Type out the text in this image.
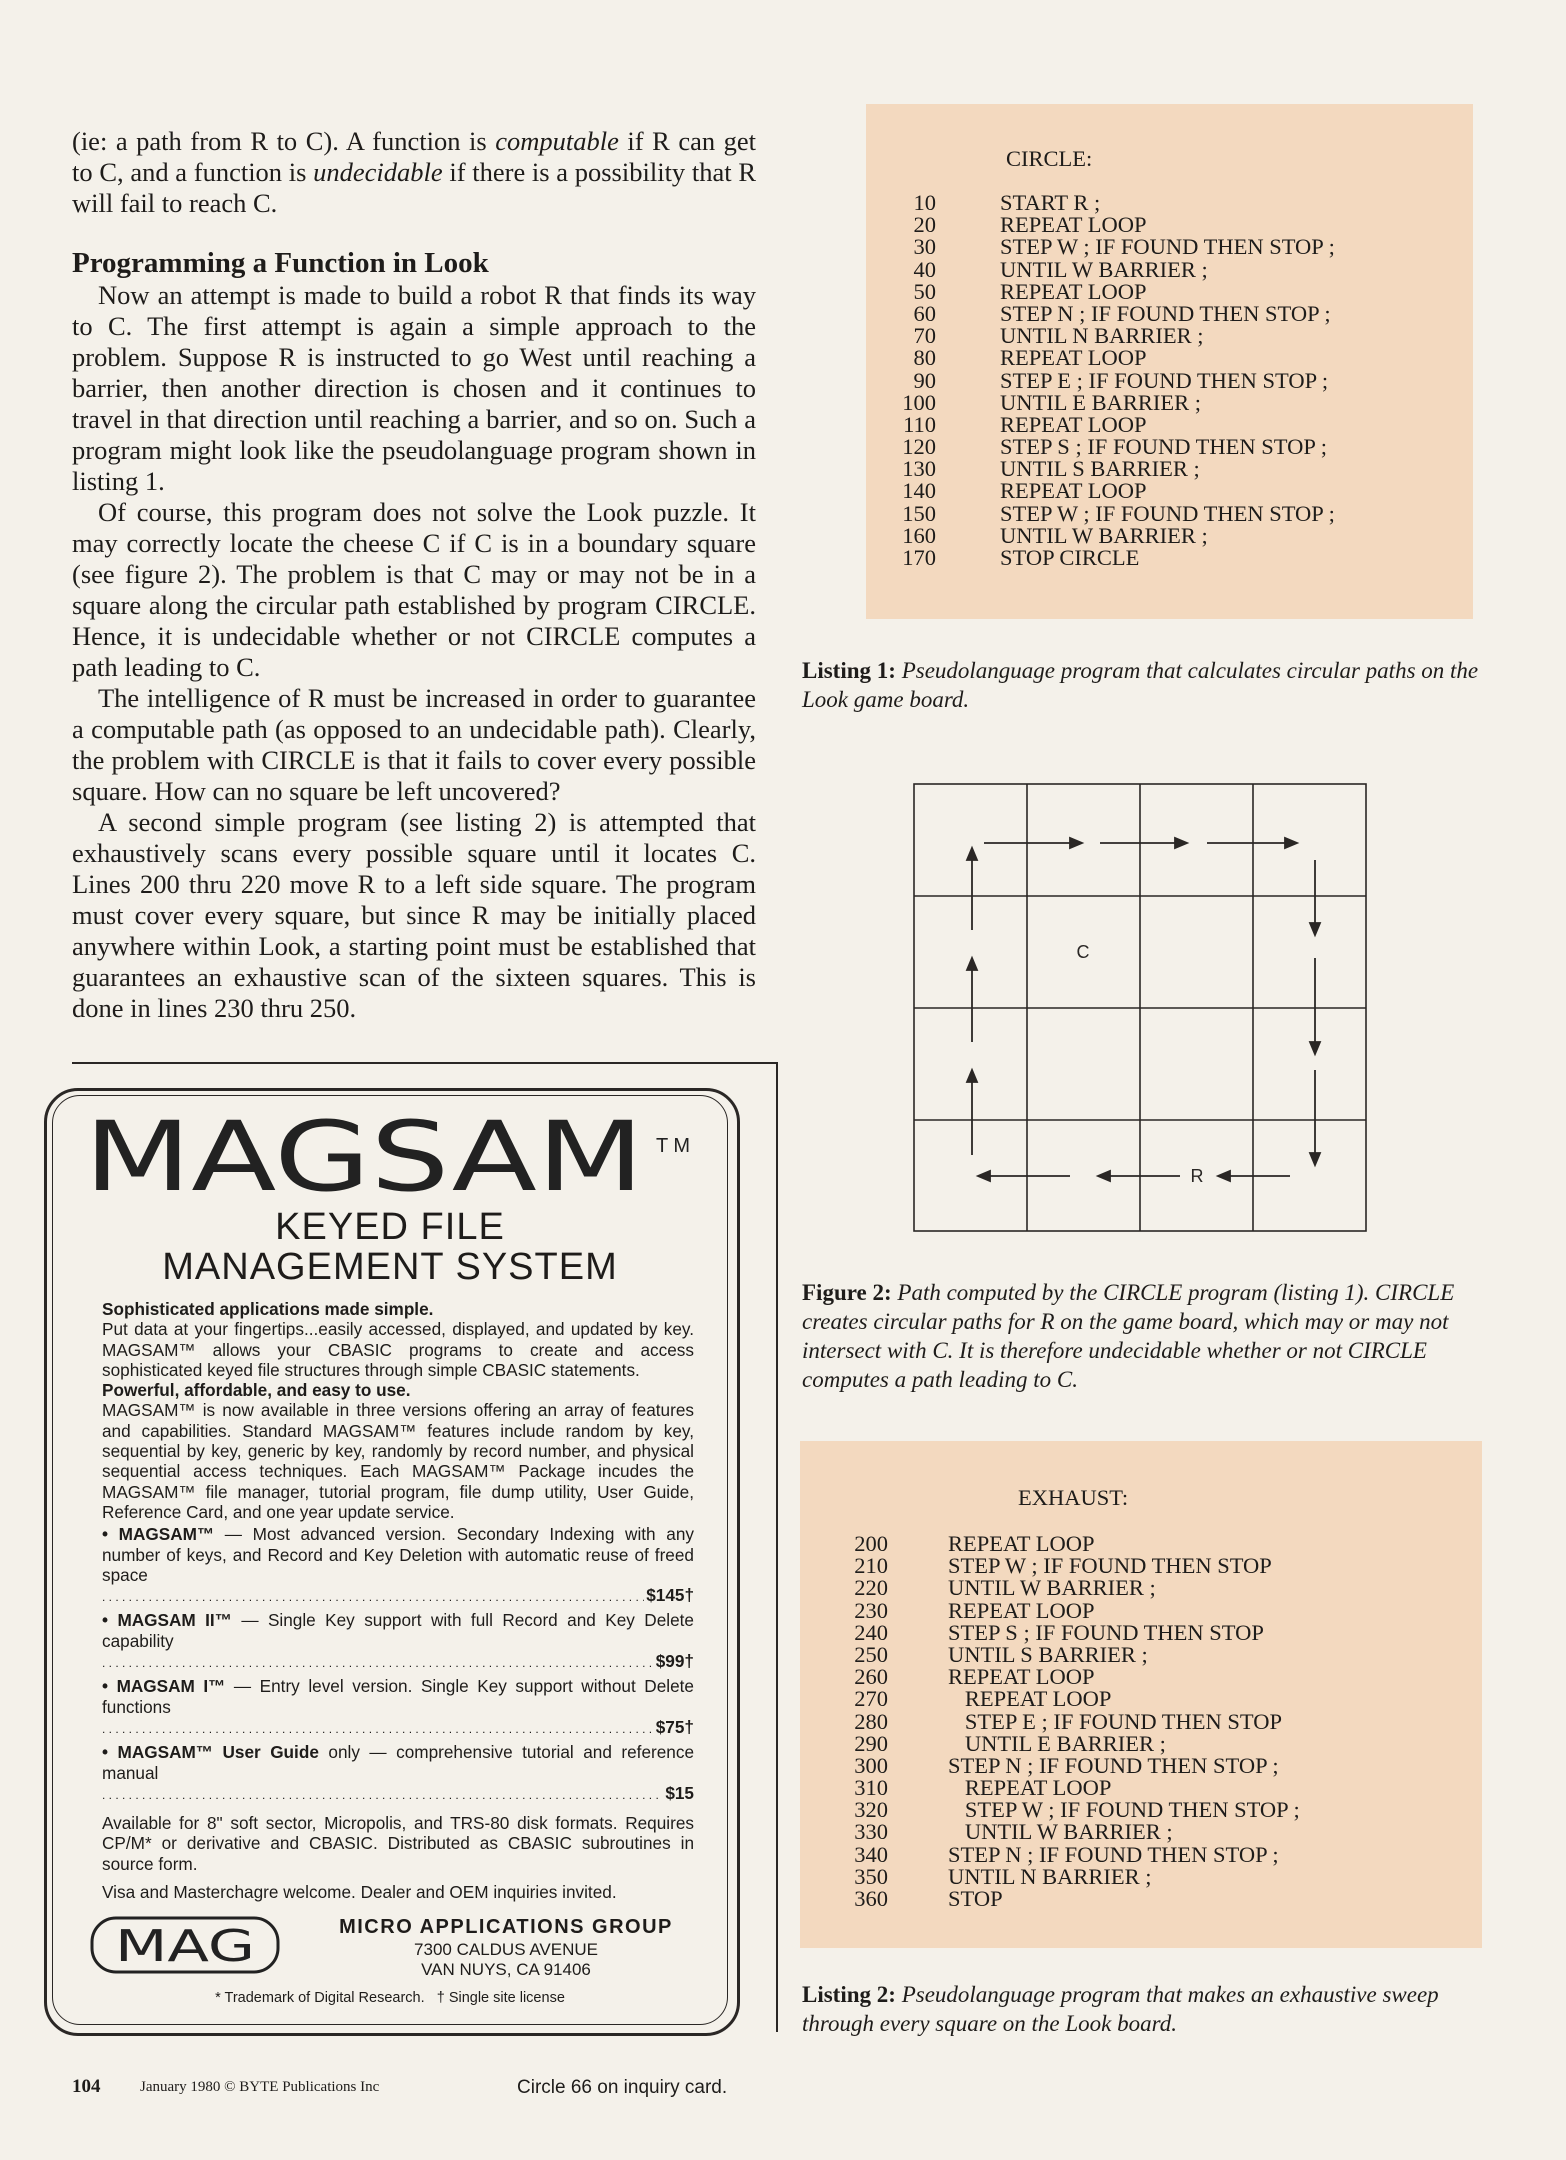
(ie: a path from R to C). A function is computable if R can get to C, and a function is undecidable if there is a possibility that R will fail to reach C.

Programming a Function in Look

Now an attempt is made to build a robot R that finds its way to C. The first attempt is again a simple approach to the problem. Suppose R is instructed to go West until reaching a barrier, then another direction is chosen and it continues to travel in that direction until reaching a barrier, and so on. Such a program might look like the pseudolanguage program shown in listing 1.

Of course, this program does not solve the Look puzzle. It may correctly locate the cheese C if C is in a boundary square (see figure 2). The problem is that C may or may not be in a square along the circular path established by program CIRCLE. Hence, it is undecidable whether or not CIRCLE computes a path leading to C.

The intelligence of R must be increased in order to guarantee a computable path (as opposed to an undecidable path). Clearly, the problem with CIRCLE is that it fails to cover every possible square. How can no square be left uncovered?

A second simple program (see listing 2) is attempted that exhaustively scans every possible square until it locates C. Lines 200 thru 220 move R to a left side square. The program must cover every square, but since R may be initially placed anywhere within Look, a starting point must be established that guarantees an exhaustive scan of the sixteen squares. This is done in lines 230 thru 250.

CIRCLE:
10	START R ;
20	REPEAT LOOP
30	STEP W ; IF FOUND THEN STOP ;
40	UNTIL W BARRIER ;
50	REPEAT LOOP
60	STEP N ; IF FOUND THEN STOP ;
70	UNTIL N BARRIER ;
80	REPEAT LOOP
90	STEP E ; IF FOUND THEN STOP ;
100	UNTIL E BARRIER ;
110	REPEAT LOOP
120	STEP S ; IF FOUND THEN STOP ;
130	UNTIL S BARRIER ;
140	REPEAT LOOP
150	STEP W ; IF FOUND THEN STOP ;
160	UNTIL W BARRIER ;
170	STOP CIRCLE
Listing 1: Pseudolanguage program that calculates circular paths on the Look game board.
C
R
Figure 2: Path computed by the CIRCLE program (listing 1). CIRCLE creates circular paths for R on the game board, which may or may not intersect with C. It is therefore undecidable whether or not CIRCLE computes a path leading to C.
EXHAUST:
200	REPEAT LOOP
210	STEP W ; IF FOUND THEN STOP
220	UNTIL W BARRIER ;
230	REPEAT LOOP
240	STEP S ; IF FOUND THEN STOP
250	UNTIL S BARRIER ;
260	REPEAT LOOP
270	REPEAT LOOP
280	STEP E ; IF FOUND THEN STOP
290	UNTIL E BARRIER ;
300	STEP N ; IF FOUND THEN STOP ;
310	REPEAT LOOP
320	STEP W ; IF FOUND THEN STOP ;
330	UNTIL W BARRIER ;
340	STEP N ; IF FOUND THEN STOP ;
350	UNTIL N BARRIER ;
360	STOP
Listing 2: Pseudolanguage program that makes an exhaustive sweep through every square on the Look board.
MAGSAM T M
KEYED FILE
MANAGEMENT SYSTEM

Sophisticated applications made simple.

Put data at your fingertips...easily accessed, displayed, and updated by key. MAGSAM™ allows your CBASIC programs to create and access sophisticated keyed file structures through simple CBASIC statements.

Powerful, affordable, and easy to use.

MAGSAM™ is now available in three versions offering an array of features and capabilities. Standard MAGSAM™ features include random by key, sequential by key, generic by key, randomly by record number, and physical sequential access techniques. Each MAGSAM™ Package incudes the MAGSAM™ file manager, tutorial program, file dump utility, User Guide, Reference Card, and one year update service.

• MAGSAM™ — Most advanced version. Secondary Indexing with any number of keys, and Record and Key Deletion with automatic reuse of freed space

. . .
$145†

• MAGSAM II™ — Single Key support with full Record and Key Delete capability

. . .
$99†

• MAGSAM I™ — Entry level version. Single Key support without Delete functions

. . .
$75†

• MAGSAM™ User Guide only — comprehensive tutorial and reference manual

. . .
$15

Available for 8" soft sector, Micropolis, and TRS-80 disk formats. Requires CP/M* or derivative and CBASIC. Distributed as CBASIC subroutines in source form.

Visa and Masterchagre welcome. Dealer and OEM inquiries invited.

MAG	MICRO APPLICATIONS GROUP
7300 CALDUS AVENUE
VAN NUYS, CA 91406
* Trademark of Digital Research.   † Single site license
104	January 1980 © BYTE Publications Inc	Circle 66 on inquiry card.
